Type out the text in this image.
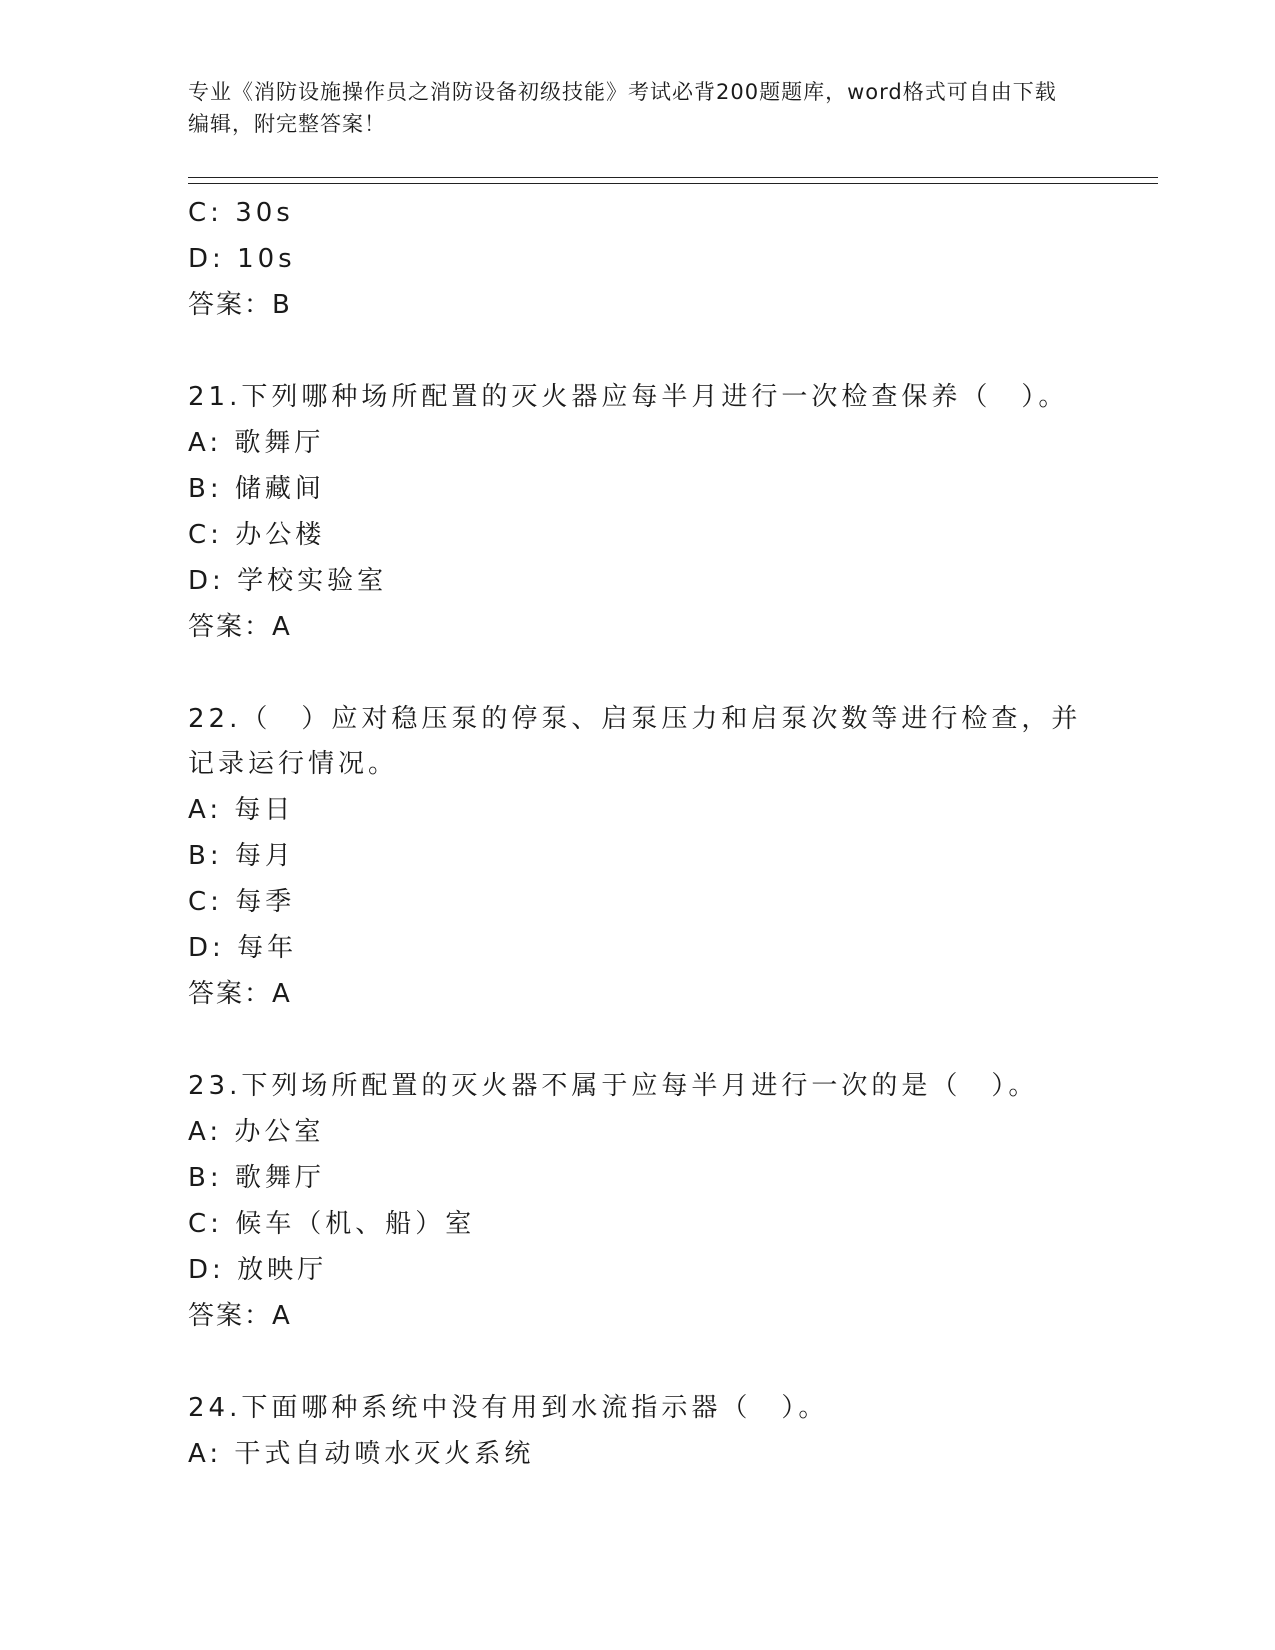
专业《消防设施操作员之消防设备初级技能》考试必背200题题库，word格式可自由下载编辑，附完整答案！
C: 30s
D: 10s
答案：B
21.下列哪种场所配置的灭火器应每半月进行一次检查保养（　）。
A: 歌舞厅
B: 储藏间
C: 办公楼
D: 学校实验室
答案：A
22.（　）应对稳压泵的停泵、启泵压力和启泵次数等进行检查，并记录运行情况。
A: 每日
B: 每月
C: 每季
D: 每年
答案：A
23.下列场所配置的灭火器不属于应每半月进行一次的是（　）。
A: 办公室
B: 歌舞厅
C: 候车（机、船）室
D: 放映厅
答案：A
24.下面哪种系统中没有用到水流指示器（　）。
A: 干式自动喷水灭火系统
